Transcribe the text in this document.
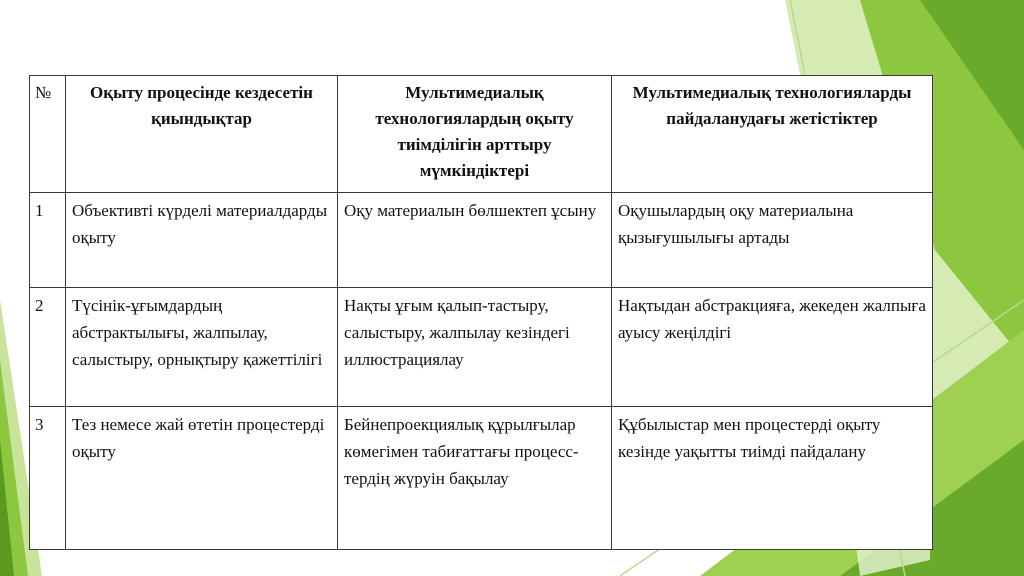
№	Оқыту процесінде кездесетін қиындықтар	Мультимедиалық технологиялардың оқыту тиімділігін арттыру мүмкіндіктері	Мультимедиалық технологияларды пайдаланудағы жетістіктер
1	Объективті күрделі материалдарды оқыту	Оқу материалын бөлшектеп ұсыну	Оқушылардың оқу материалына қызығушылығы артады
2	Түсінік-ұғымдардың абстрактылығы, жалпылау, салыстыру, орнықтыру қажеттілігі	Нақты ұғым қалып-тастыру, салыстыру, жалпылау кезіндегі иллюстрациялау	Нақтыдан абстракцияға, жекеден жалпыға ауысу жеңілдігі
3	Тез немесе жай өтетін процестерді оқыту	Бейнепроекциялық құрылғылар көмегімен табиғаттағы процесс-тердің жүруін бақылау	Құбылыстар мен процестерді оқыту кезінде уақытты тиімді пайдалану
